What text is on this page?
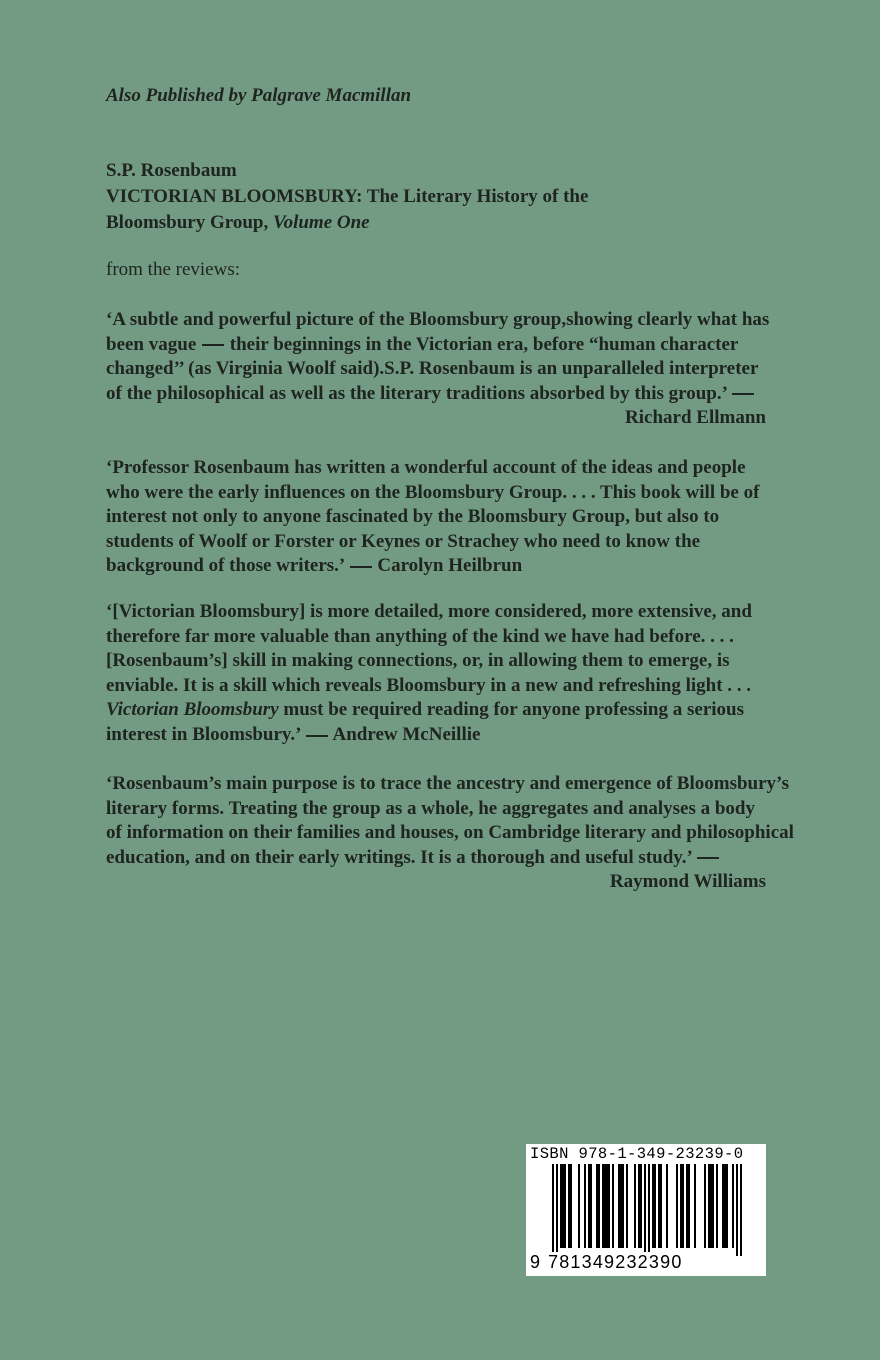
Also Published by Palgrave Macmillan
S.P. Rosenbaum
VICTORIAN BLOOMSBURY: The Literary History of the
Bloomsbury Group, Volume One
from the reviews:
‘A subtle and powerful picture of the Bloomsbury group,showing clearly what has
been vague their beginnings in the Victorian era, before “human character
changed’’ (as Virginia Woolf said).S.P. Rosenbaum is an unparalleled interpreter
of the philosophical as well as the literary traditions absorbed by this group.’
Richard Ellmann
‘Professor Rosenbaum has written a wonderful account of the ideas and people
who were the early influences on the Bloomsbury Group. . . . This book will be of
interest not only to anyone fascinated by the Bloomsbury Group, but also to
students of Woolf or Forster or Keynes or Strachey who need to know the
background of those writers.’ Carolyn Heilbrun
‘[Victorian Bloomsbury] is more detailed, more considered, more extensive, and
therefore far more valuable than anything of the kind we have had before. . . .
[Rosenbaum’s] skill in making connections, or, in allowing them to emerge, is
enviable. It is a skill which reveals Bloomsbury in a new and refreshing light . . .
Victorian Bloomsbury must be required reading for anyone professing a serious
interest in Bloomsbury.’ Andrew McNeillie
‘Rosenbaum’s main purpose is to trace the ancestry and emergence of Bloomsbury’s
literary forms. Treating the group as a whole, he aggregates and analyses a body
of information on their families and houses, on Cambridge literary and philosophical
education, and on their early writings. It is a thorough and useful study.’
Raymond Williams
ISBN 978-1-349-23239-0
9 781349232390
